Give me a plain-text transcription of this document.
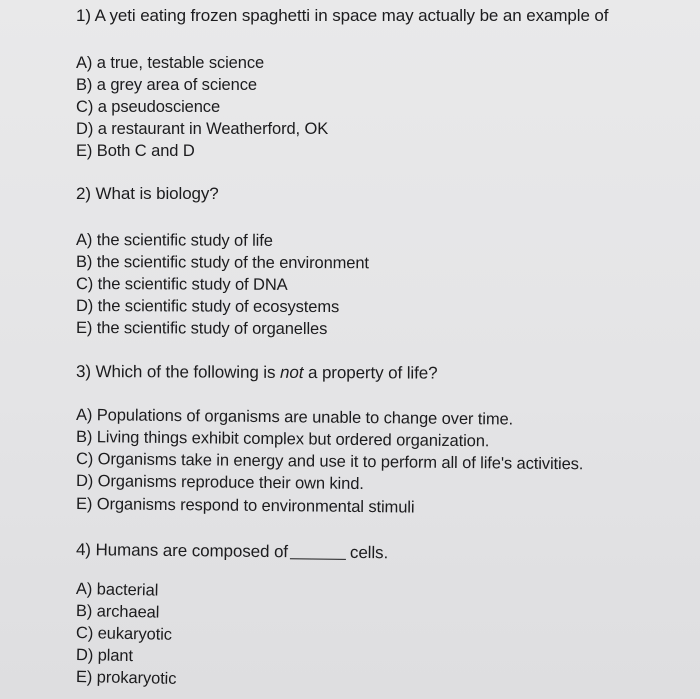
1) A yeti eating frozen spaghetti in space may actually be an example of
A) a true, testable science
B) a grey area of science
C) a pseudoscience
D) a restaurant in Weatherford, OK
E) Both C and D
2) What is biology?
A) the scientific study of life
B) the scientific study of the environment
C) the scientific study of DNA
D) the scientific study of ecosystems
E) the scientific study of organelles
3) Which of the following is not a property of life?
A) Populations of organisms are unable to change over time.
B) Living things exhibit complex but ordered organization.
C) Organisms take in energy and use it to perform all of life's activities.
D) Organisms reproduce their own kind.
E) Organisms respond to environmental stimuli
4) Humans are composed of	cells.
A) bacterial
B) archaeal
C) eukaryotic
D) plant
E) prokaryotic
